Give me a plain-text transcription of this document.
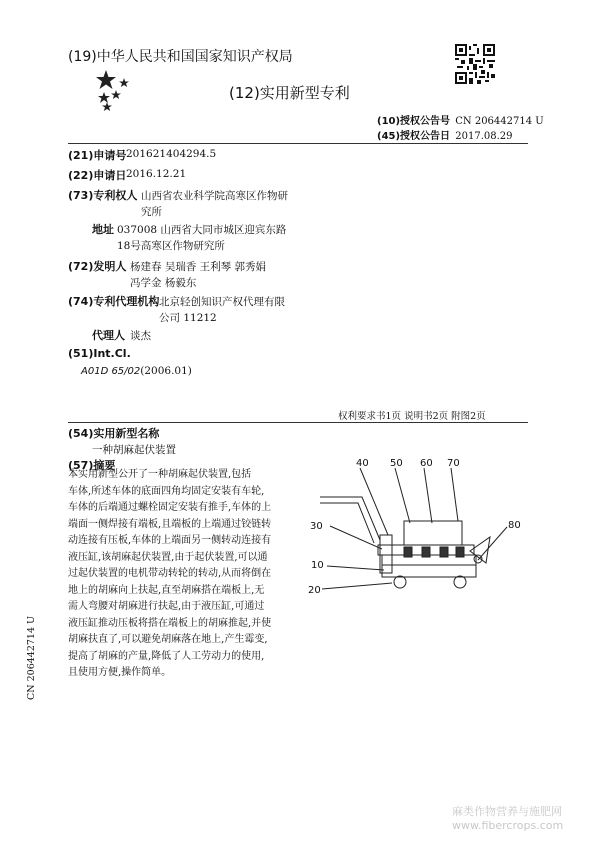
(19)中华人民共和国国家知识产权局
(12)实用新型专利
(10)授权公告号 CN 206442714 U
(45)授权公告日 2017.08.29
(21)申请号 201621404294.5
(22)申请日 2016.12.21
(73)专利权人 山西省农业科学院高寒区作物研
究所
地址 037008 山西省大同市城区迎宾东路
18号高寒区作物研究所
(72)发明人 杨建春 吴瑞香 王利琴 郭秀娟
冯学金 杨毅东
(74)专利代理机构 北京轻创知识产权代理有限
公司 11212
代理人 谈杰
(51)Int.Cl.
A01D 65/02(2006.01)
权利要求书1页 说明书2页 附图2页
(54)实用新型名称
一种胡麻起伏装置
(57)摘要
本实用新型公开了一种胡麻起伏装置,包括
车体,所述车体的底面四角均固定安装有车轮,
车体的后端通过螺栓固定安装有推手,车体的上
端面一侧焊接有端板,且端板的上端通过铰链转
动连接有压板,车体的上端面另一侧转动连接有
液压缸,该胡麻起伏装置,由于起伏装置,可以通
过起伏装置的电机带动转轮的转动,从而将倒在
地上的胡麻向上扶起,直至胡麻搭在端板上,无
需人弯腰对胡麻进行扶起,由于液压缸,可通过
液压缸推动压板将搭在端板上的胡麻推起,并使
胡麻扶直了,可以避免胡麻落在地上,产生霉变,
提高了胡麻的产量,降低了人工劳动力的使用,
且使用方便,操作简单。
40 50 60 70
30
10
20
80
CN 206442714 U
麻类作物营养与施肥网 www.fibercrops.com
